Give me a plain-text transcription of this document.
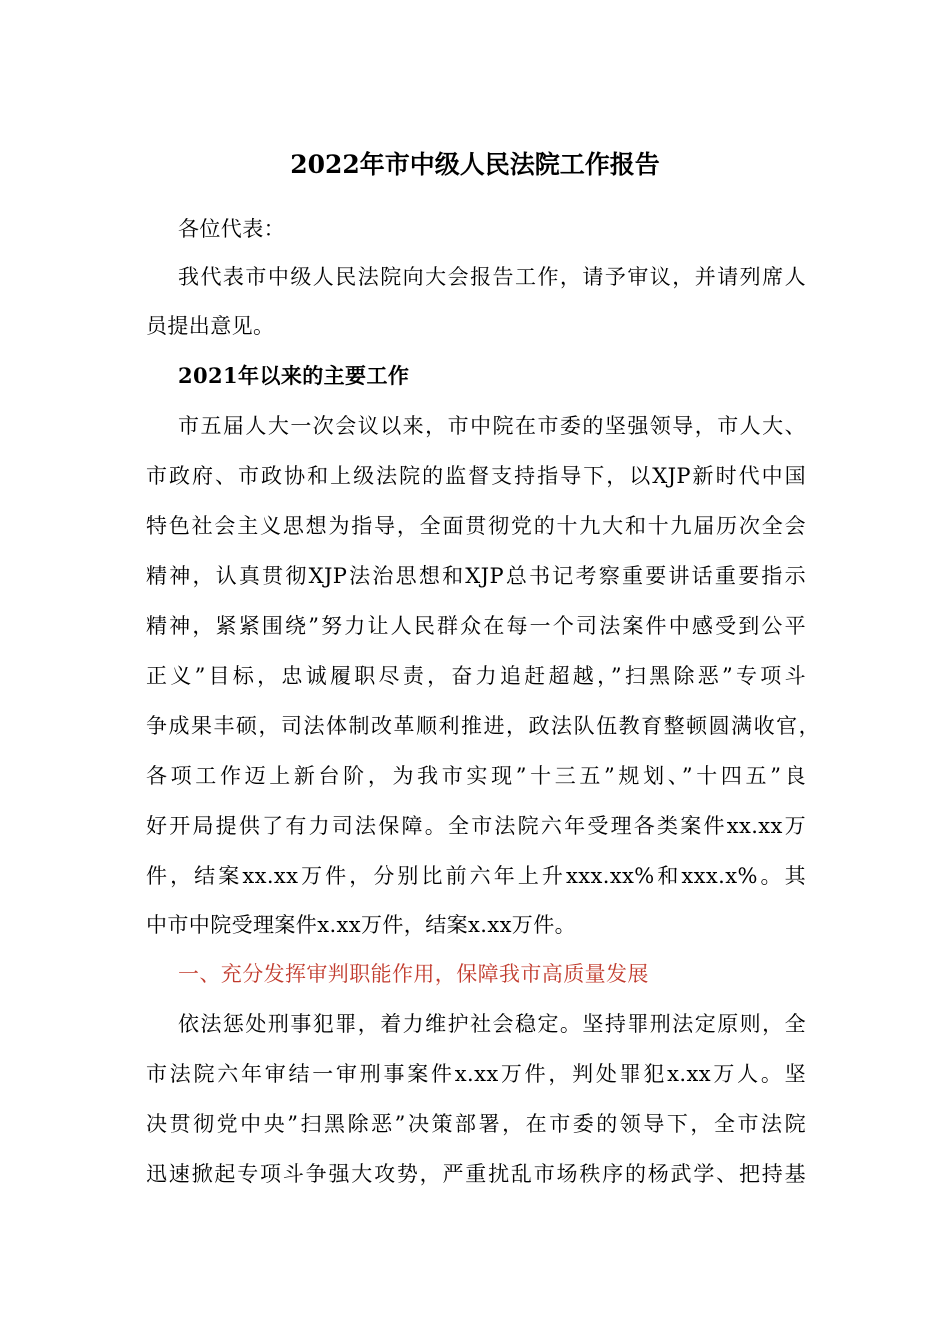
2022年市中级人民法院工作报告
各位代表：
我代表市中级人民法院向大会报告工作，请予审议，并请列席人
员提出意见。
2021年以来的主要工作
市五届人大一次会议以来，市中院在市委的坚强领导，市人大、
市政府、市政协和上级法院的监督支持指导下，以XJP新时代中国
特色社会主义思想为指导，全面贯彻党的十九大和十九届历次全会
精神，认真贯彻XJP法治思想和XJP总书记考察重要讲话重要指示
精神，紧紧围绕”努力让人民群众在每一个司法案件中感受到公平
正义”目标，忠诚履职尽责，奋力追赶超越，”扫黑除恶”专项斗
争成果丰硕，司法体制改革顺利推进，政法队伍教育整顿圆满收官，
各项工作迈上新台阶，为我市实现”十三五”规划、”十四五”良
好开局提供了有力司法保障。全市法院六年受理各类案件xx.xx万
件，结案xx.xx万件，分别比前六年上升xxx.xx%和xxx.x%。其
中市中院受理案件x.xx万件，结案x.xx万件。
一、充分发挥审判职能作用，保障我市高质量发展
依法惩处刑事犯罪，着力维护社会稳定。坚持罪刑法定原则，全
市法院六年审结一审刑事案件x.xx万件，判处罪犯x.xx万人。坚
决贯彻党中央”扫黑除恶”决策部署，在市委的领导下，全市法院
迅速掀起专项斗争强大攻势，严重扰乱市场秩序的杨武学、把持基
